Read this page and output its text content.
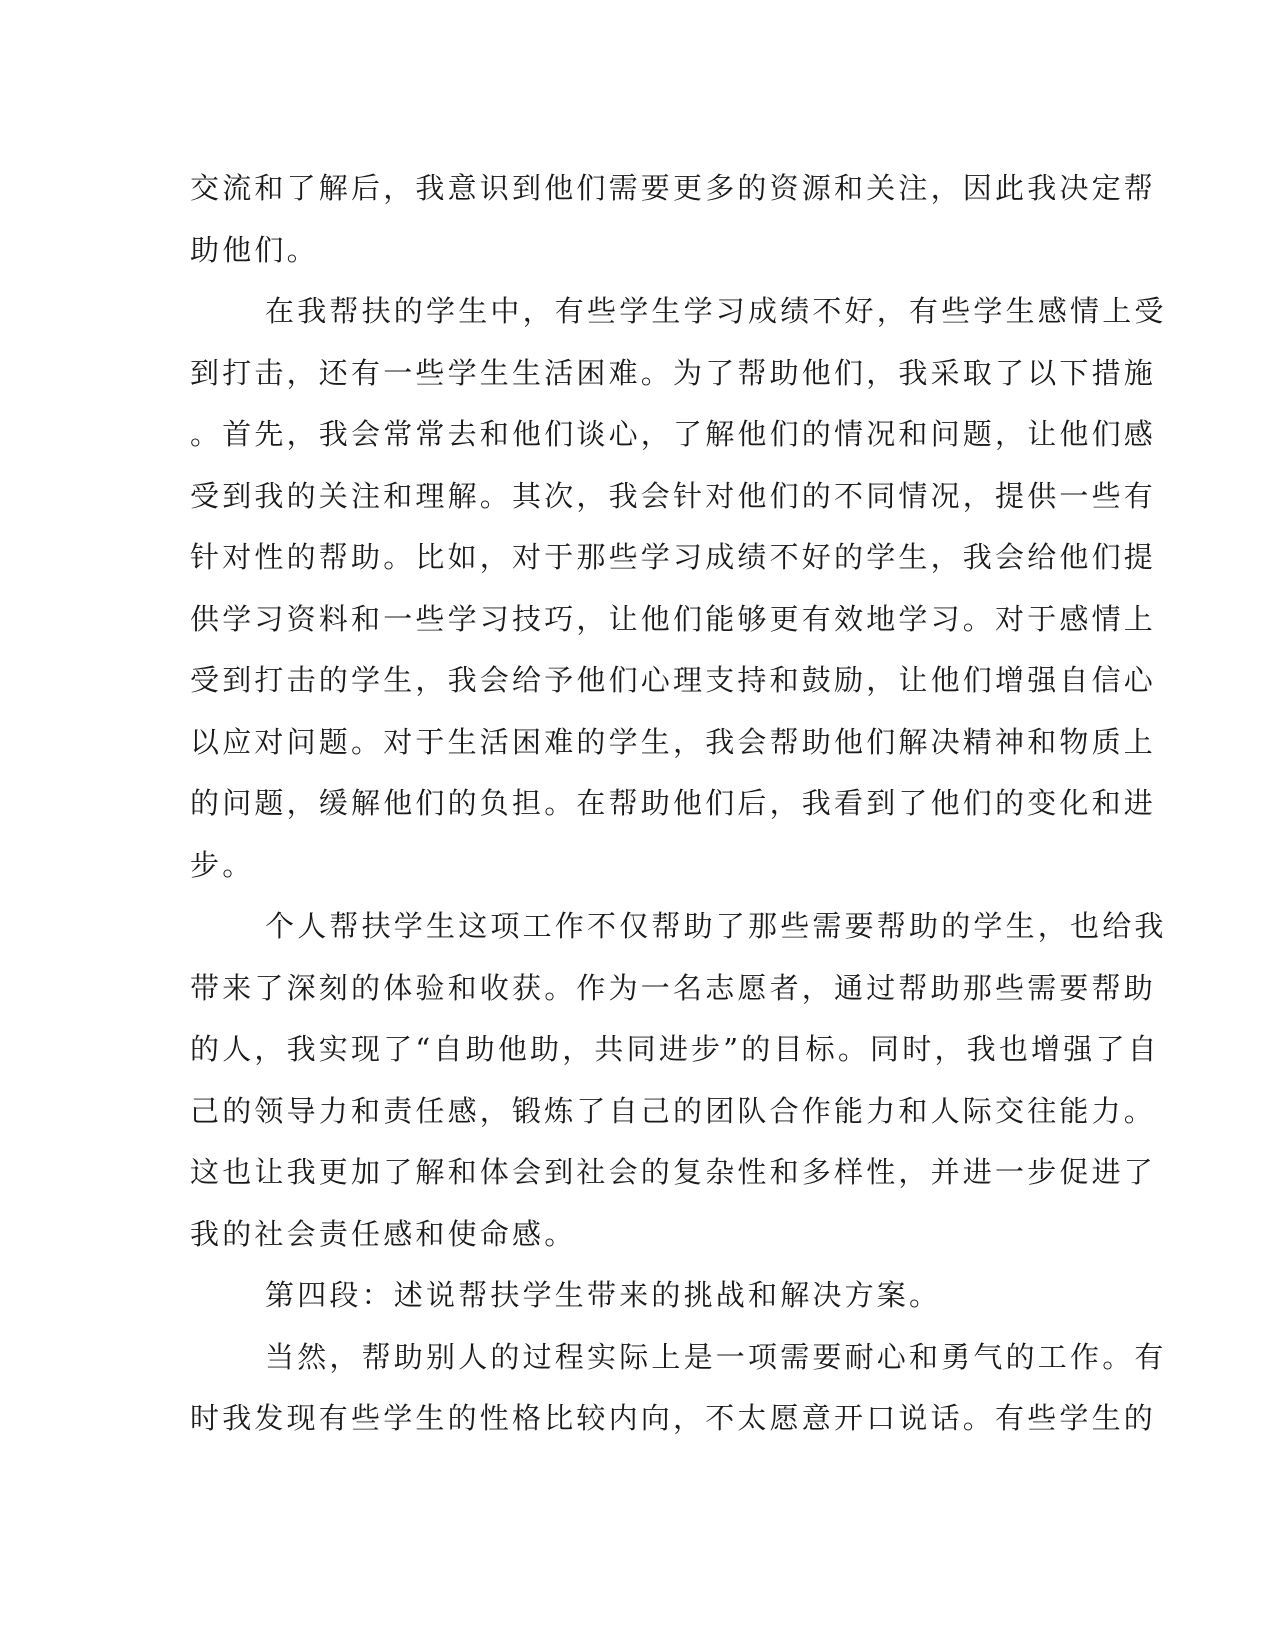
交流和了解后，我意识到他们需要更多的资源和关注，因此我决定帮
助他们。
在我帮扶的学生中，有些学生学习成绩不好，有些学生感情上受
到打击，还有一些学生生活困难。为了帮助他们，我采取了以下措施
。首先，我会常常去和他们谈心，了解他们的情况和问题，让他们感
受到我的关注和理解。其次，我会针对他们的不同情况，提供一些有
针对性的帮助。比如，对于那些学习成绩不好的学生，我会给他们提
供学习资料和一些学习技巧，让他们能够更有效地学习。对于感情上
受到打击的学生，我会给予他们心理支持和鼓励，让他们增强自信心
以应对问题。对于生活困难的学生，我会帮助他们解决精神和物质上
的问题，缓解他们的负担。在帮助他们后，我看到了他们的变化和进
步。
个人帮扶学生这项工作不仅帮助了那些需要帮助的学生，也给我
带来了深刻的体验和收获。作为一名志愿者，通过帮助那些需要帮助
的人，我实现了“自助他助，共同进步”的目标。同时，我也增强了自
己的领导力和责任感，锻炼了自己的团队合作能力和人际交往能力。
这也让我更加了解和体会到社会的复杂性和多样性，并进一步促进了
我的社会责任感和使命感。
第四段：述说帮扶学生带来的挑战和解决方案。
当然，帮助别人的过程实际上是一项需要耐心和勇气的工作。有
时我发现有些学生的性格比较内向，不太愿意开口说话。有些学生的
